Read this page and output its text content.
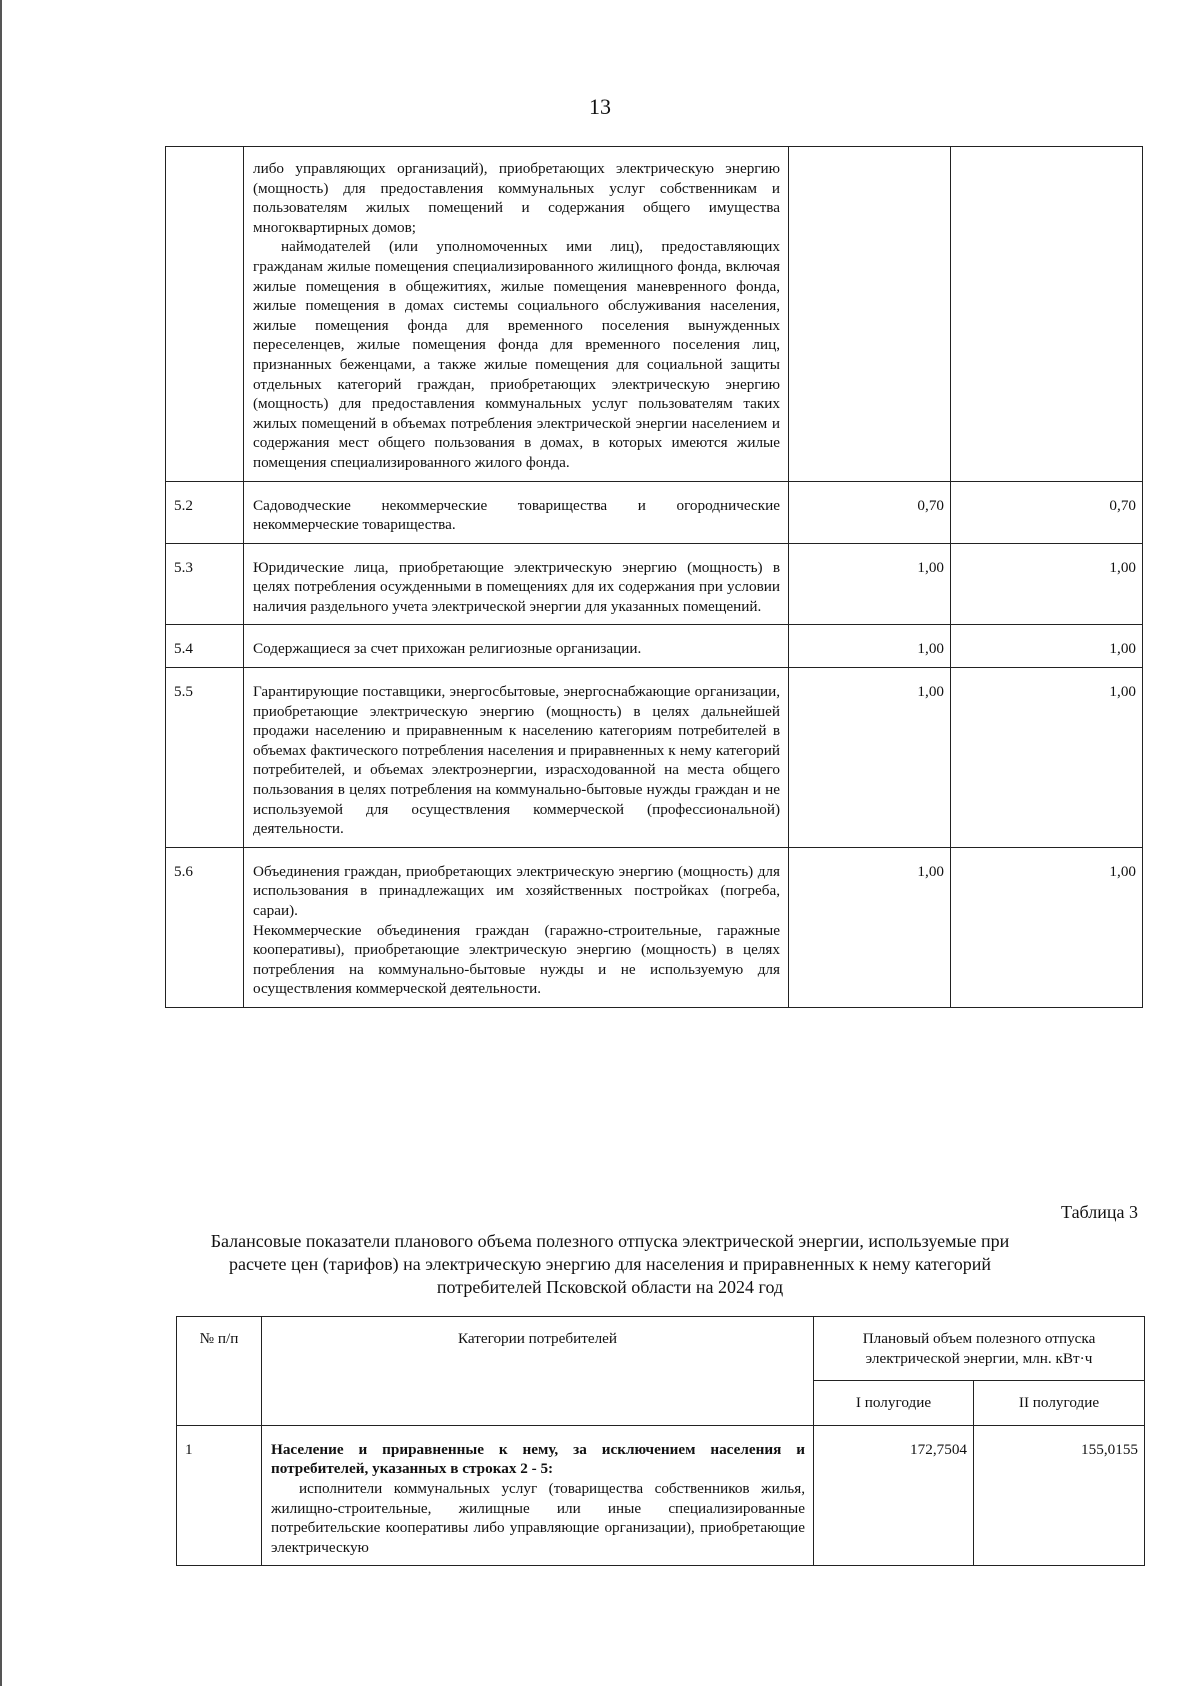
13

	либо управляющих организаций), приобретающих электрическую энергию (мощность) для предоставления коммунальных услуг собственникам и пользователям жилых помещений и содержания общего имущества многоквартирных домов;

наймодателей (или уполномоченных ими лиц), предоставляющих гражданам жилые помещения специализированного жилищного фонда, включая жилые помещения в общежитиях, жилые помещения маневренного фонда, жилые помещения в домах системы социального обслуживания населения, жилые помещения фонда для временного поселения вынужденных переселенцев, жилые помещения фонда для временного поселения лиц, признанных беженцами, а также жилые помещения для социальной защиты отдельных категорий граждан, приобретающих электрическую энергию (мощность) для предоставления коммунальных услуг пользователям таких жилых помещений в объемах потребления электрической энергии населением и содержания мест общего пользования в домах, в которых имеются жилые помещения специализированного жилого фонда.		

5.2	Садоводческие некоммерческие товарищества и огороднические некоммерческие товарищества.	0,70	0,70
5.3	Юридические лица, приобретающие электрическую энергию (мощность) в целях потребления осужденными в помещениях для их содержания при условии наличия раздельного учета электрической энергии для указанных помещений.	1,00	1,00
5.4	Содержащиеся за счет прихожан религиозные организации.	1,00	1,00
5.5	Гарантирующие поставщики, энергосбытовые, энергоснабжающие организации, приобретающие электрическую энергию (мощность) в целях дальнейшей продажи населению и приравненным к населению категориям потребителей в объемах фактического потребления населения и приравненных к нему категорий потребителей, и объемах электроэнергии, израсходованной на места общего пользования в целях потребления на коммунально-бытовые нужды граждан и не используемой для осуществления коммерческой (профессиональной) деятельности.	1,00	1,00
5.6	Объединения граждан, приобретающих электрическую энергию (мощность) для использования в принадлежащих им хозяйственных постройках (погреба, сараи).

Некоммерческие объединения граждан (гаражно-строительные, гаражные кооперативы), приобретающие электрическую энергию (мощность) в целях потребления на коммунально-бытовые нужды и не используемую для осуществления коммерческой деятельности.	1,00	1,00
Таблица 3
Балансовые показатели планового объема полезного отпуска электрической энергии, используемые при расчете цен (тарифов) на электрическую энергию для населения и приравненных к нему категорий потребителей Псковской области на 2024 год
№ п/п	Категории потребителей	Плановый объем полезного отпуска электрической энергии, млн. кВт·ч	
		I полугодие	II полугодие
1	Население и приравненные к нему, за исключением населения и потребителей, указанных в строках 2 - 5:

исполнители коммунальных услуг (товарищества собственников жилья, жилищно-строительные, жилищные или иные специализированные потребительские кооперативы либо управляющие организации), приобретающие электрическую	172,7504	155,0155
